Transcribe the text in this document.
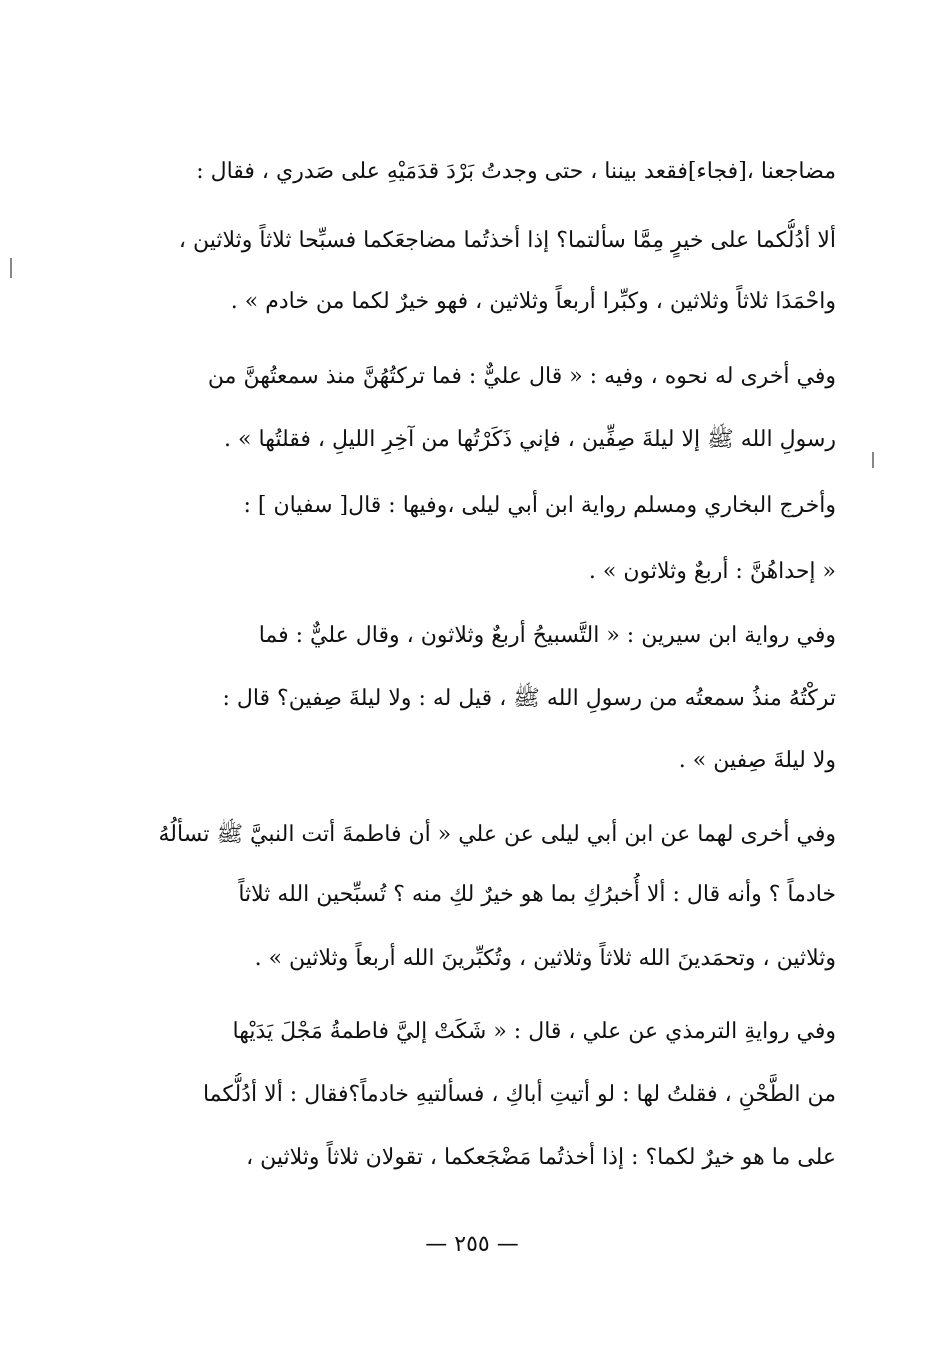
مضاجعنا ،[فجاء]فقعد بيننا ، حتى وجدتُ بَرْدَ قدَمَيْهِ على صَدري ، فقال :
ألا أدُلُّكما على خيرٍ مِمَّا سألتما؟ إذا أخذتُما مضاجعَكما فسبِّحا ثلاثاً وثلاثين ،
واحْمَدَا ثلاثاً وثلاثين ، وكبِّرا أربعاً وثلاثين ، فهو خيرٌ لكما من خادم » .
وفي أخرى له نحوه ، وفيه : « قال عليٌّ : فما تركتُهُنَّ منذ سمعتُهنَّ من
رسولِ الله ﷺ إلا ليلةَ صِفِّين ، فإني ذَكَرْتُها من آخِرِ الليلِ ، فقلتُها » .
وأخرج البخاري ومسلم رواية ابن أبي ليلى ،وفيها : قال[ سفيان ] :
« إحداهُنَّ : أربعٌ وثلاثون » .
وفي رواية ابن سيرين : « التَّسبيحُ أربعٌ وثلاثون ، وقال عليٌّ : فما
تركْتُهُ منذُ سمعتُه من رسولِ الله ﷺ ، قيل له : ولا ليلةَ صِفين؟ قال :
ولا ليلةَ صِفين » .
وفي أخرى لهما عن ابن أبي ليلى عن علي « أن فاطمةَ أتت النبيَّ ﷺ تسألُهُ
خادماً ؟ وأنه قال : ألا أُخبرُكِ بما هو خيرٌ لكِ منه ؟ تُسبِّحين الله ثلاثاً
وثلاثين ، وتحمَدينَ الله ثلاثاً وثلاثين ، وتُكبِّرينَ الله أربعاً وثلاثين » .
وفي روايةِ الترمذي عن علي ، قال : « شَكَتْ إليَّ فاطمةُ مَجْلَ يَدَيْها
من الطَّحْنِ ، فقلتُ لها : لو أتيتِ أباكِ ، فسألتيهِ خادماً؟فقال : ألا أدُلُّكما
على ما هو خيرٌ لكما؟ : إذا أخذتُما مَضْجَعكما ، تقولان ثلاثاً وثلاثين ،
— ٢٥٥ —
